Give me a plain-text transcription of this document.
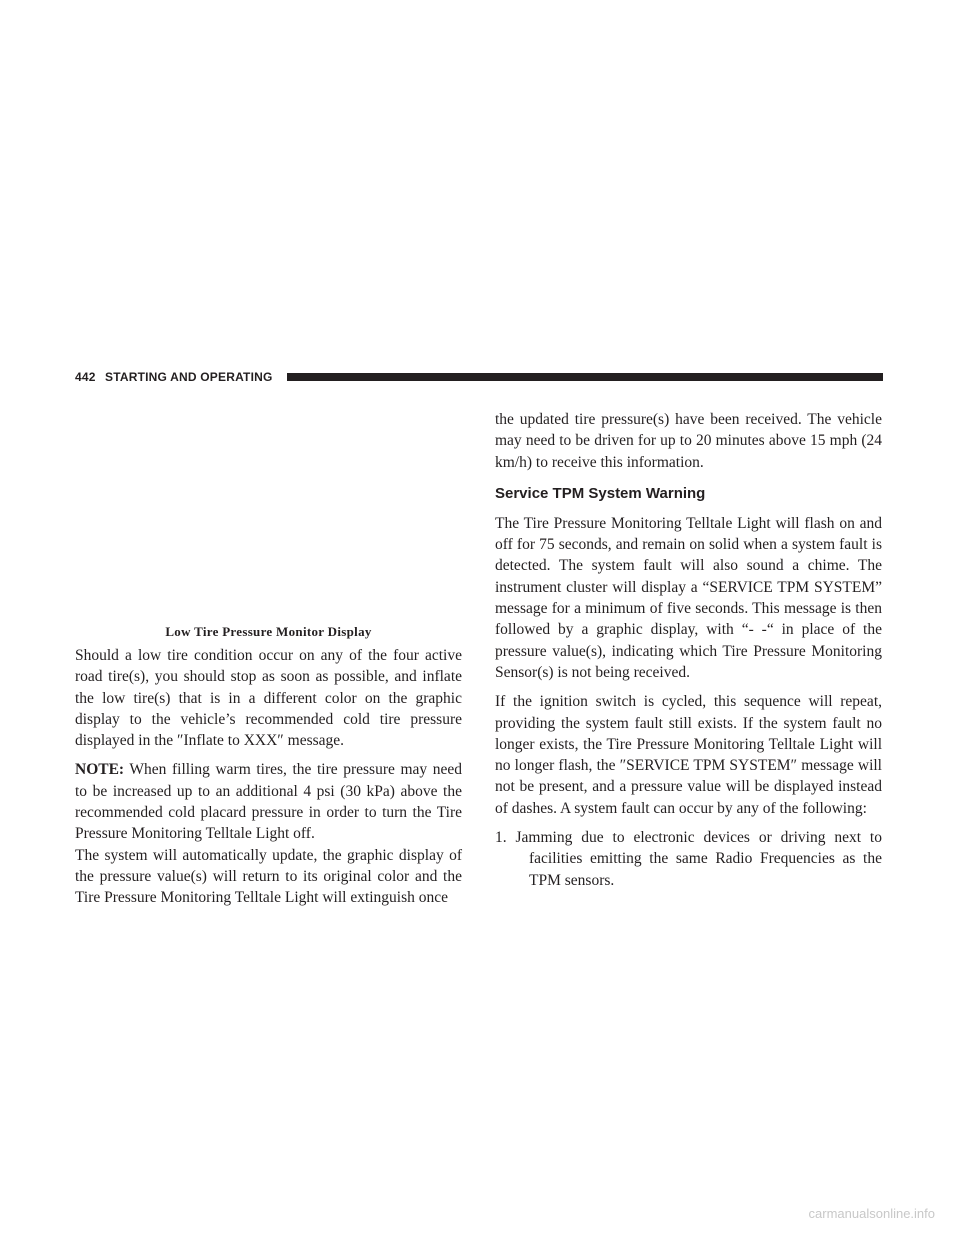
442 STARTING AND OPERATING
Low Tire Pressure Monitor Display

Should a low tire condition occur on any of the four active road tire(s), you should stop as soon as possible, and inflate the low tire(s) that is in a different color on the graphic display to the vehicle’s recommended cold tire pressure displayed in the ″Inflate to XXX″ message.

NOTE: When filling warm tires, the tire pressure may need to be increased up to an additional 4 psi (30 kPa) above the recommended cold placard pressure in order to turn the Tire Pressure Monitoring Telltale Light off.

The system will automatically update, the graphic display of the pressure value(s) will return to its original color and the Tire Pressure Monitoring Telltale Light will extinguish once

the updated tire pressure(s) have been received. The vehicle may need to be driven for up to 20 minutes above 15 mph (24 km/h) to receive this information.

Service TPM System Warning

The Tire Pressure Monitoring Telltale Light will flash on and off for 75 seconds, and remain on solid when a system fault is detected. The system fault will also sound a chime. The instrument cluster will display a “SERVICE TPM SYSTEM” message for a minimum of five seconds. This message is then followed by a graphic display, with “- -“ in place of the pressure value(s), indicating which Tire Pressure Monitoring Sensor(s) is not being received.

If the ignition switch is cycled, this sequence will repeat, providing the system fault still exists. If the system fault no longer exists, the Tire Pressure Monitoring Telltale Light will no longer flash, the ″SERVICE TPM SYSTEM″ message will not be present, and a pressure value will be displayed instead of dashes. A system fault can occur by any of the following:

1. Jamming due to electronic devices or driving next to facilities emitting the same Radio Frequencies as the TPM sensors.

carmanualsonline.info
